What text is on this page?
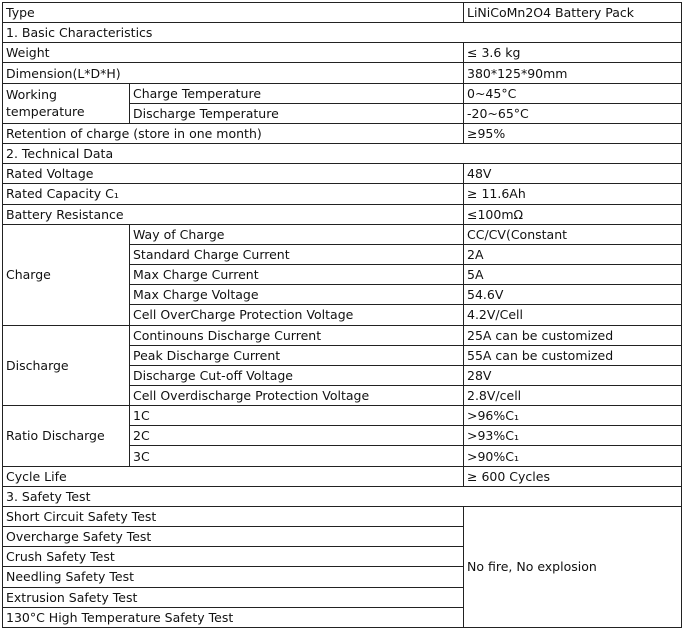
Type		LiNiCoMn2O4 Battery Pack
1. Basic Characteristics		
Weight		≤ 3.6 kg
Dimension(L*D*H)		380*125*90mm
Working temperature	Charge Temperature	0~45°C
	Discharge Temperature	-20~65°C
Retention of charge (store in one month)		≥95%
2. Technical Data		
Rated Voltage		48V
Rated Capacity C₁		≥ 11.6Ah
Battery Resistance		≤100mΩ
Charge	Way of Charge	CC/CV(Constant
	Standard Charge Current	2A
	Max Charge Current	5A
	Max Charge Voltage	54.6V
	Cell OverCharge Protection Voltage	4.2V/Cell
Discharge	Continouns Discharge Current	25A can be customized
	Peak Discharge Current	55A can be customized
	Discharge Cut-off Voltage	28V
	Cell Overdischarge Protection Voltage	2.8V/cell
Ratio Discharge	1C	>96%C₁
	2C	>93%C₁
	3C	>90%C₁
Cycle Life		≥ 600 Cycles
3. Safety Test		
Short Circuit Safety Test		No fire, No explosion
Overcharge Safety Test		
Crush Safety Test		
Needling Safety Test		
Extrusion Safety Test		
130°C High Temperature Safety Test		
